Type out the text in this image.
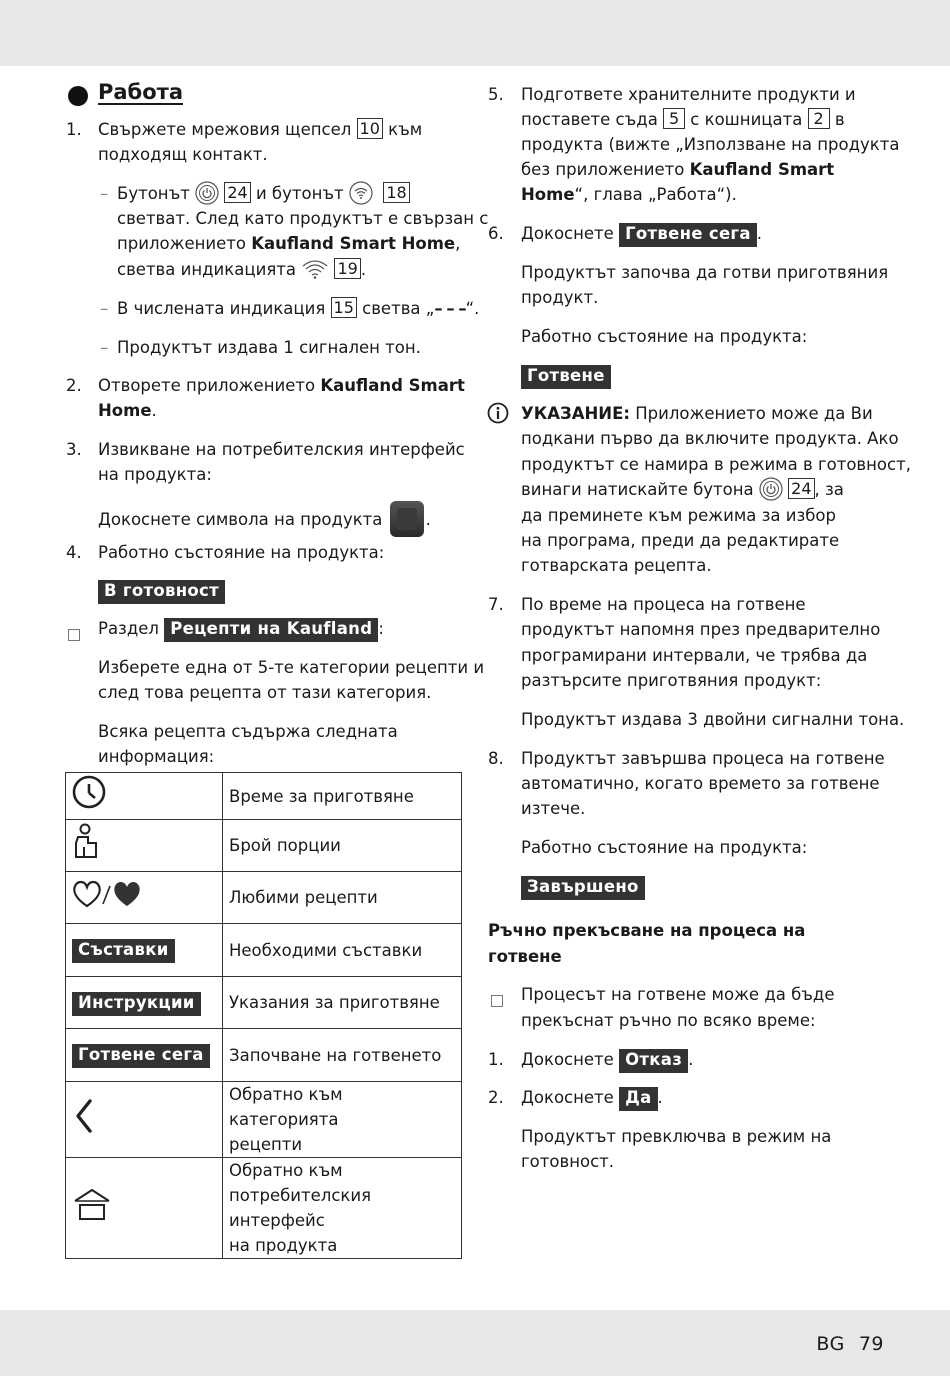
Работа
1. Свържете мрежовия щепсел 10 към
подходящ контакт.
– Бутонът  24 и бутонът   18
светват. След като продуктът е свързан с
приложението Kaufland Smart Home,
светва индикацията  19 .
– В числената индикация 15 светва „– – –“.
– Продуктът издава 1 сигнален тон.
2. Отворете приложението Kaufland Smart
Home.
3. Извикване на потребителския интерфейс
на продукта:
Докоснете символа на продукта .
4. Работно състояние на продукта:
В готовност
Раздел Рецепти на Kaufland :
Изберете една от 5-те категории рецепти и
след това рецепта от тази категория.
Всяка рецепта съдържа следната
информация:
	Време за приготвяне
	Брой порции
	Любими рецепти
Съставки	Необходими съставки
Инструкции	Указания за приготвяне
Готвене сега	Започване на готвенето

Обратно към категорията
рецепти

Обратно към
потребителския интерфейс
на продукта
5. Подгответе хранителните продукти и
поставете съда 5 с кошницата 2 в
продукта (вижте „Използване на продукта
без приложението Kaufland Smart
Home“, глава „Работа“).
6. Докоснете Готвене сега .
Продуктът започва да готви приготвяния
продукт.
Работно състояние на продукта:
Готвене
УКАЗАНИЕ: Приложението може да Ви
подкани първо да включите продукта. Ако
продуктът се намира в режима в готовност,
винаги натискайте бутона  24 , за
да преминете към режима за избор
на програма, преди да редактирате
готварската рецепта.
7. По време на процеса на готвене
продуктът напомня през предварително
програмирани интервали, че трябва да
разтърсите приготвяния продукт:
Продуктът издава 3 двойни сигнални тона.
8. Продуктът завършва процеса на готвене
автоматично, когато времето за готвене
изтече.
Работно състояние на продукта:
Завършено
Ръчно прекъсване на процеса на
готвене
Процесът на готвене може да бъде
прекъснат ръчно по всяко време:
1. Докоснете Отказ .
2. Докоснете Да .
Продуктът превключва в режим на
готовност.
BG 79
